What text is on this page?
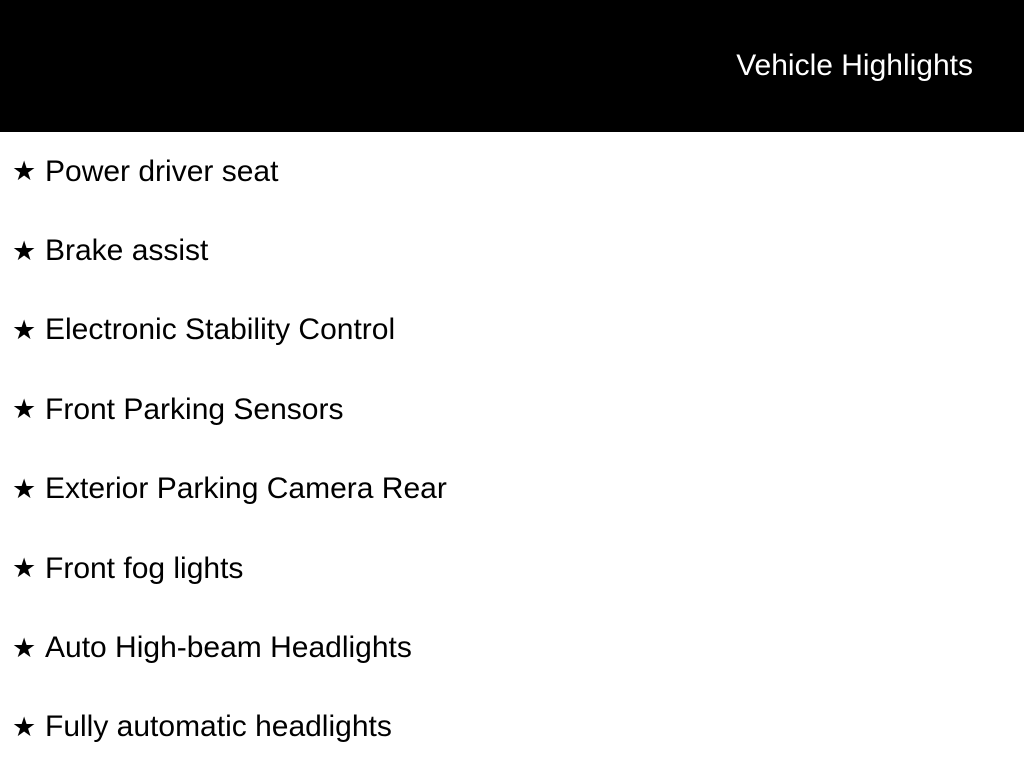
Vehicle Highlights
★ Power driver seat
★ Brake assist
★ Electronic Stability Control
★ Front Parking Sensors
★ Exterior Parking Camera Rear
★ Front fog lights
★ Auto High-beam Headlights
★ Fully automatic headlights
